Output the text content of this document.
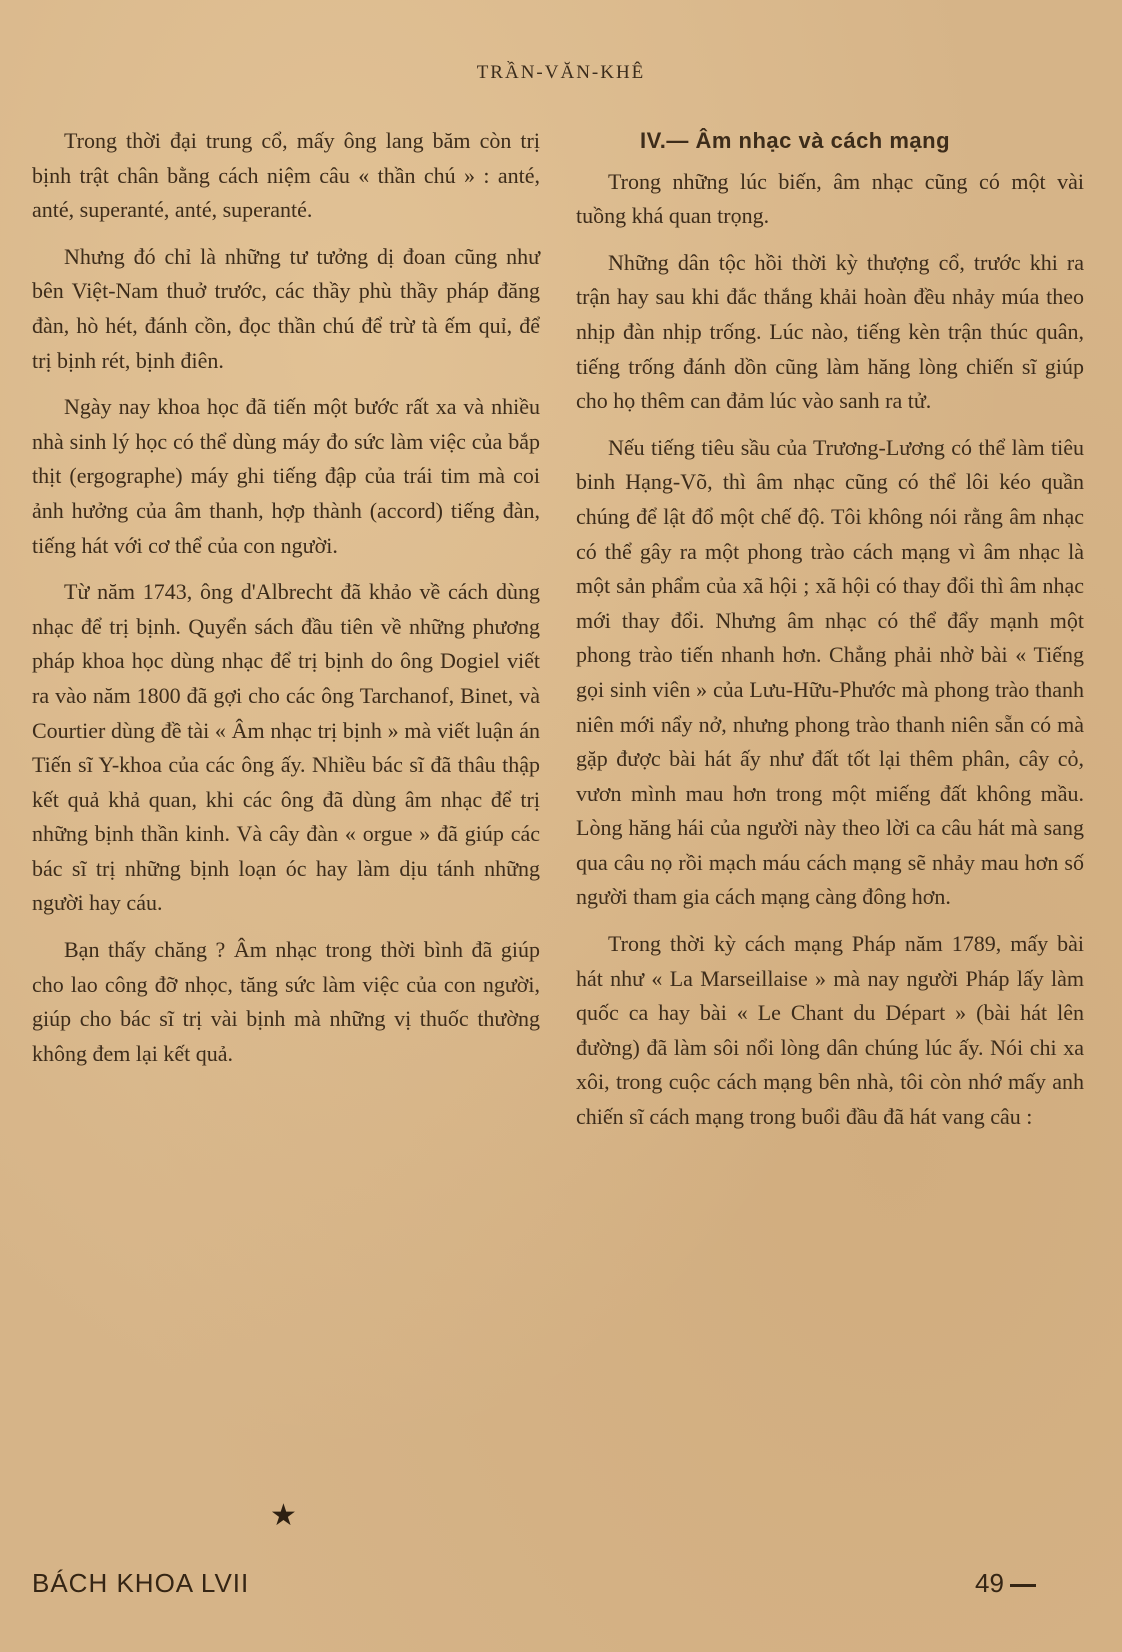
TRẦN-VĂN-KHÊ

Trong thời đại trung cổ, mấy ông lang băm còn trị bịnh trật chân bằng cách niệm câu « thần chú » : anté, anté, superanté, anté, superanté.

Nhưng đó chỉ là những tư tưởng dị đoan cũng như bên Việt-Nam thuở trước, các thầy phù thầy pháp đăng đàn, hò hét, đánh cồn, đọc thần chú để trừ tà ếm quỉ, để trị bịnh rét, bịnh điên.

Ngày nay khoa học đã tiến một bước rất xa và nhiều nhà sinh lý học có thể dùng máy đo sức làm việc của bắp thịt (ergographe) máy ghi tiếng đập của trái tim mà coi ảnh hưởng của âm thanh, hợp thành (accord) tiếng đàn, tiếng hát với cơ thể của con người.

Từ năm 1743, ông d'Albrecht đã khảo về cách dùng nhạc để trị bịnh. Quyển sách đầu tiên về những phương pháp khoa học dùng nhạc để trị bịnh do ông Dogiel viết ra vào năm 1800 đã gợi cho các ông Tarchanof, Binet, và Courtier dùng đề tài « Âm nhạc trị bịnh » mà viết luận án Tiến sĩ Y-khoa của các ông ấy. Nhiều bác sĩ đã thâu thập kết quả khả quan, khi các ông đã dùng âm nhạc để trị những bịnh thần kinh. Và cây đàn « orgue » đã giúp các bác sĩ trị những bịnh loạn óc hay làm dịu tánh những người hay cáu.

Bạn thấy chăng ? Âm nhạc trong thời bình đã giúp cho lao công đỡ nhọc, tăng sức làm việc của con người, giúp cho bác sĩ trị vài bịnh mà những vị thuốc thường không đem lại kết quả.

★
IV.— Âm nhạc và cách mạng

Trong những lúc biến, âm nhạc cũng có một vài tuồng khá quan trọng.

Những dân tộc hồi thời kỳ thượng cổ, trước khi ra trận hay sau khi đắc thắng khải hoàn đều nhảy múa theo nhịp đàn nhịp trống. Lúc nào, tiếng kèn trận thúc quân, tiếng trống đánh dồn cũng làm hăng lòng chiến sĩ giúp cho họ thêm can đảm lúc vào sanh ra tử.

Nếu tiếng tiêu sầu của Trương-Lương có thể làm tiêu binh Hạng-Võ, thì âm nhạc cũng có thể lôi kéo quần chúng để lật đổ một chế độ. Tôi không nói rằng âm nhạc có thể gây ra một phong trào cách mạng vì âm nhạc là một sản phẩm của xã hội ; xã hội có thay đổi thì âm nhạc mới thay đổi. Nhưng âm nhạc có thể đẩy mạnh một phong trào tiến nhanh hơn. Chẳng phải nhờ bài « Tiếng gọi sinh viên » của Lưu-Hữu-Phước mà phong trào thanh niên mới nẩy nở, nhưng phong trào thanh niên sẵn có mà gặp được bài hát ấy như đất tốt lại thêm phân, cây cỏ, vươn mình mau hơn trong một miếng đất không mầu. Lòng hăng hái của người này theo lời ca câu hát mà sang qua câu nọ rồi mạch máu cách mạng sẽ nhảy mau hơn số người tham gia cách mạng càng đông hơn.

Trong thời kỳ cách mạng Pháp năm 1789, mấy bài hát như « La Marseillaise » mà nay người Pháp lấy làm quốc ca hay bài « Le Chant du Départ » (bài hát lên đường) đã làm sôi nổi lòng dân chúng lúc ấy. Nói chi xa xôi, trong cuộc cách mạng bên nhà, tôi còn nhớ mấy anh chiến sĩ cách mạng trong buổi đầu đã hát vang câu :

BÁCH KHOA LVII	49
